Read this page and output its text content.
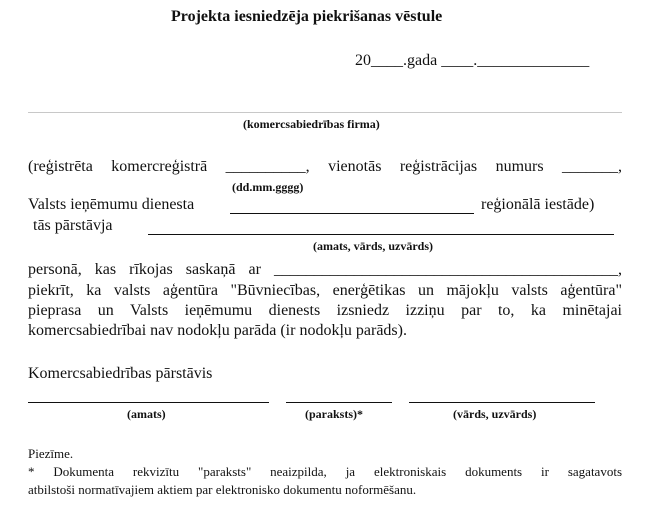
Projekta iesniedzēja piekrišanas vēstule
20____.gada ____.______________
(komercsabiedrības firma)
(reģistrēta komercreģistrā __________, vienotās reģistrācijas numurs _______,
(dd.mm.gggg)
Valsts ieņēmumu dienesta	reģionālā iestāde)
tās pārstāvja
(amats, vārds, uzvārds)
personā, kas rīkojas saskaņā ar ___________________________________________,
piekrīt, ka valsts aģentūra "Būvniecības, enerģētikas un mājokļu valsts aģentūra"
pieprasa un Valsts ieņēmumu dienests izsniedz izziņu par to, ka minētajai
komercsabiedrībai nav nodokļu parāda (ir nodokļu parāds).
Komercsabiedrības pārstāvis
(amats)	(paraksts)*	(vārds, uzvārds)
Piezīme.
* Dokumenta rekvizītu "paraksts" neaizpilda, ja elektroniskais dokuments ir sagatavots
atbilstoši normatīvajiem aktiem par elektronisko dokumentu noformēšanu.
